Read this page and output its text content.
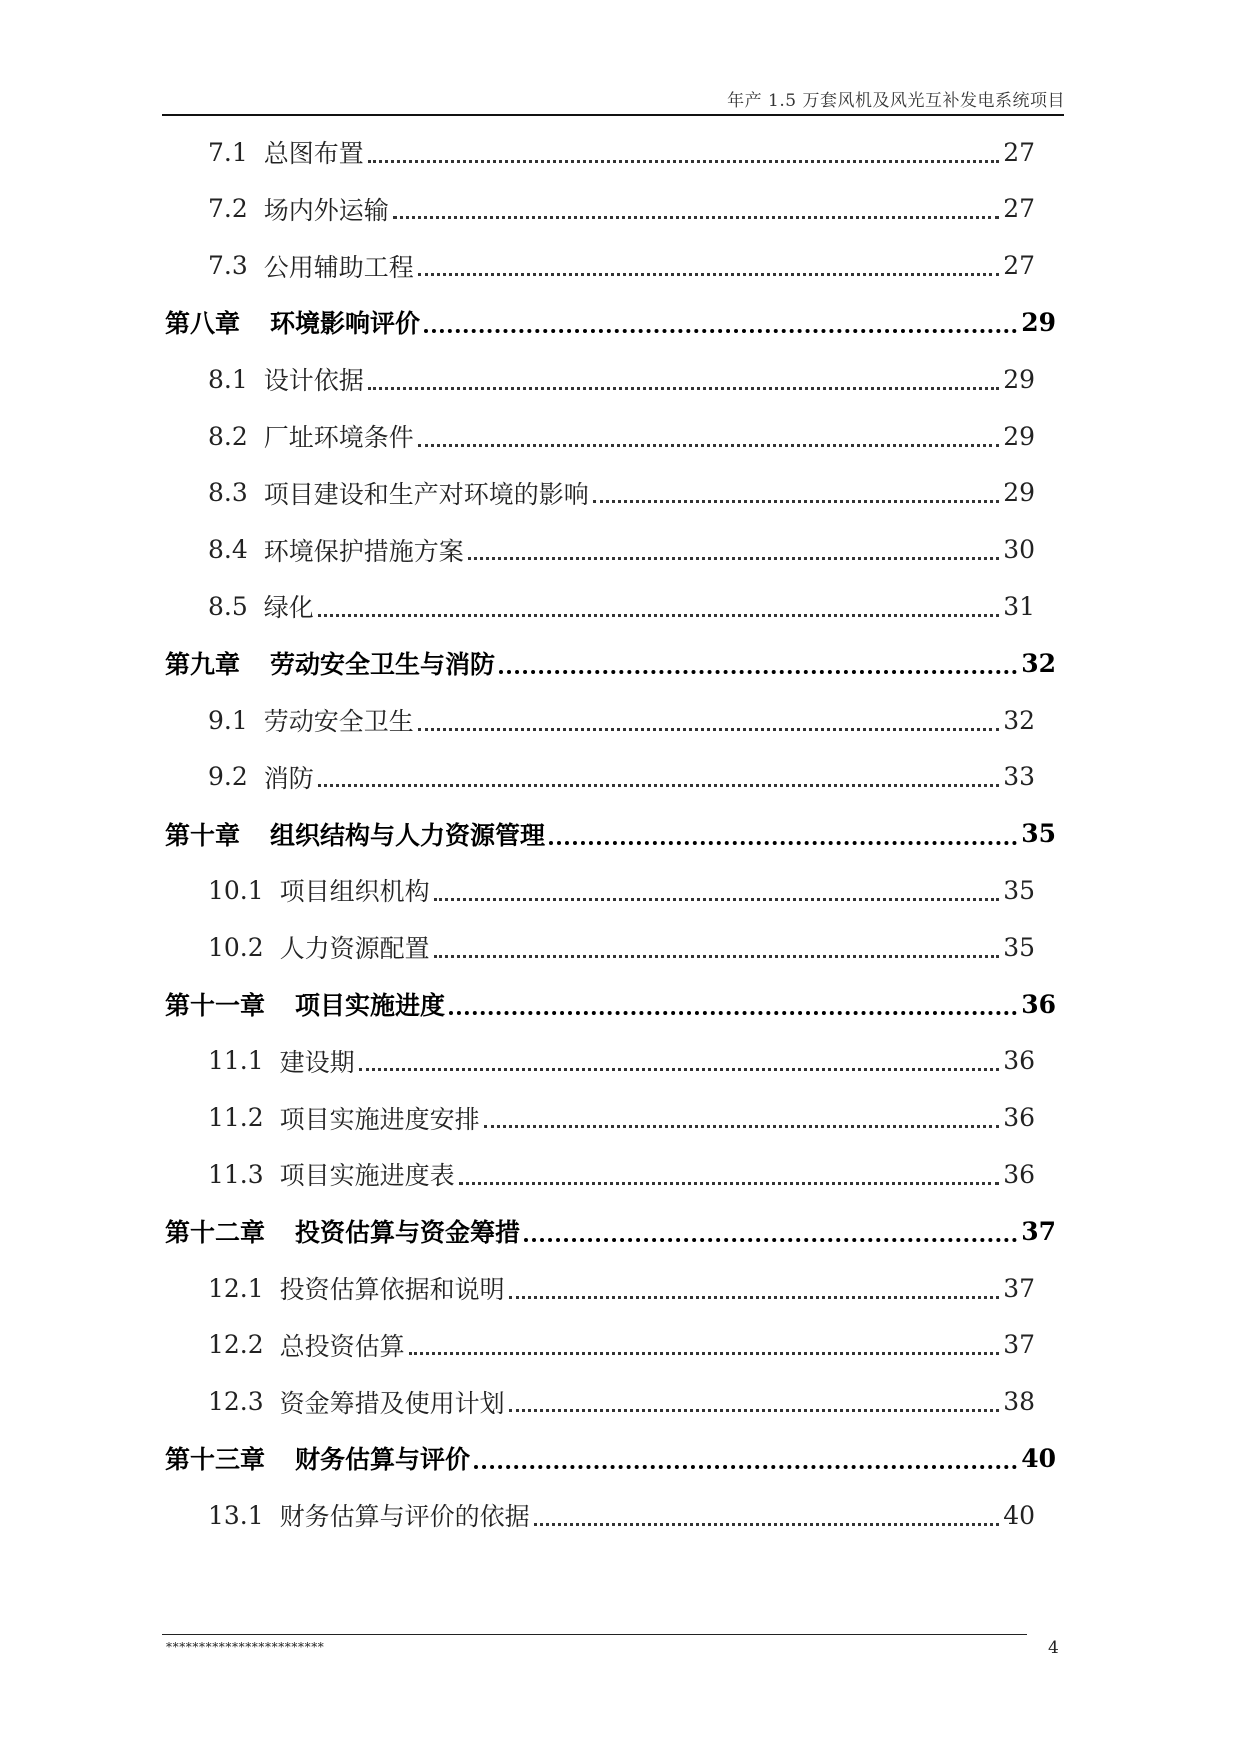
年产 1.5 万套风机及风光互补发电系统项目
7.1 总图布置	27
7.2 场内外运输	27
7.3 公用辅助工程	27
第八章 环境影响评价	29
8.1 设计依据	29
8.2 厂址环境条件	29
8.3 项目建设和生产对环境的影响	29
8.4 环境保护措施方案	30
8.5 绿化	31
第九章 劳动安全卫生与消防	32
9.1 劳动安全卫生	32
9.2 消防	33
第十章 组织结构与人力资源管理	35
10.1 项目组织机构	35
10.2 人力资源配置	35
第十一章 项目实施进度	36
11.1 建设期	36
11.2 项目实施进度安排	36
11.3 项目实施进度表	36
第十二章 投资估算与资金筹措	37
12.1 投资估算依据和说明	37
12.2 总投资估算	37
12.3 资金筹措及使用计划	38
第十三章 财务估算与评价	40
13.1 财务估算与评价的依据	40
************************	4
